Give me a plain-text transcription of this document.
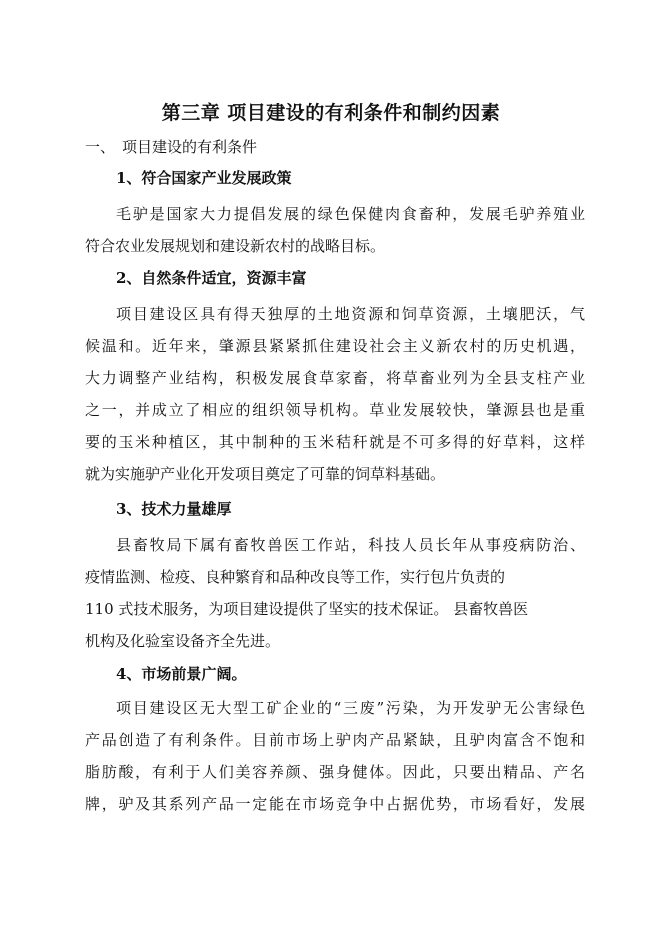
第三章 项目建设的有利条件和制约因素

一、 项目建设的有利条件

1、符合国家产业发展政策

毛驴是国家大力提倡发展的绿色保健肉食畜种，发展毛驴养殖业
符合农业发展规划和建设新农村的战略目标。

2、自然条件适宜，资源丰富

项目建设区具有得天独厚的土地资源和饲草资源，土壤肥沃，气
候温和。近年来，肇源县紧紧抓住建设社会主义新农村的历史机遇，
大力调整产业结构，积极发展食草家畜，将草畜业列为全县支柱产业
之一，并成立了相应的组织领导机构。草业发展较快，肇源县也是重
要的玉米种植区，其中制种的玉米秸秆就是不可多得的好草料，这样
就为实施驴产业化开发项目奠定了可靠的饲草料基础。

3、技术力量雄厚

县畜牧局下属有畜牧兽医工作站，科技人员长年从事疫病防治、
疫情监测、检疫、良种繁育和品种改良等工作，实行包片负责的
110 式技术服务，为项目建设提供了坚实的技术保证。 县畜牧兽医
机构及化验室设备齐全先进。

4、市场前景广阔。

项目建设区无大型工矿企业的“三废”污染，为开发驴无公害绿色
产品创造了有利条件。目前市场上驴肉产品紧缺，且驴肉富含不饱和
脂肪酸，有利于人们美容养颜、强身健体。因此，只要出精品、产名
牌，驴及其系列产品一定能在市场竞争中占据优势，市场看好，发展
